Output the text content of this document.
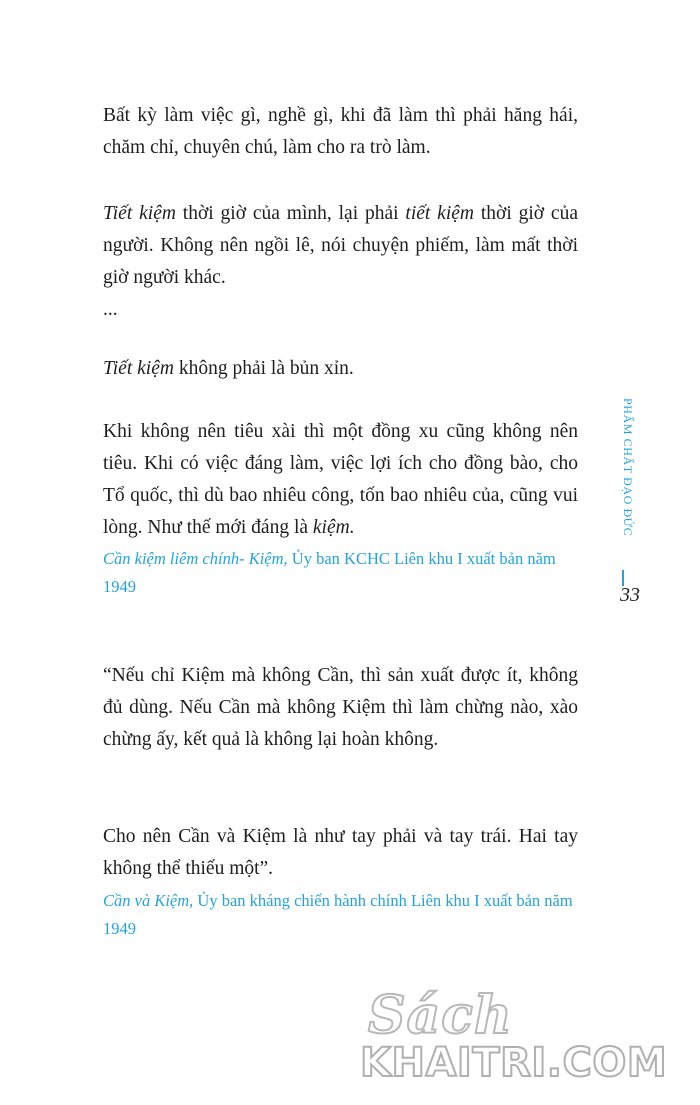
Bất kỳ làm việc gì, nghề gì, khi đã làm thì phải hăng hái, chăm chỉ, chuyên chú, làm cho ra trò làm.

Tiết kiệm thời giờ của mình, lại phải tiết kiệm thời giờ của người. Không nên ngồi lê, nói chuyện phiếm, làm mất thời giờ người khác.

...

Tiết kiệm không phải là bủn xỉn.

Khi không nên tiêu xài thì một đồng xu cũng không nên tiêu. Khi có việc đáng làm, việc lợi ích cho đồng bào, cho Tổ quốc, thì dù bao nhiêu công, tốn bao nhiêu của, cũng vui lòng. Như thế mới đáng là kiệm.

Cần kiệm liêm chính- Kiệm, Ủy ban KCHC Liên khu I xuất bản năm 1949

“Nếu chỉ Kiệm mà không Cần, thì sản xuất được ít, không đủ dùng. Nếu Cần mà không Kiệm thì làm chừng nào, xào chừng ấy, kết quả là không lại hoàn không.

Cho nên Cần và Kiệm là như tay phải và tay trái. Hai tay không thể thiếu một”.

Cần và Kiệm, Ủy ban kháng chiến hành chính Liên khu I xuất bản năm 1949
PHẨM CHẤT ĐẠO ĐỨC
33
Sách
KHAITRI.COM
